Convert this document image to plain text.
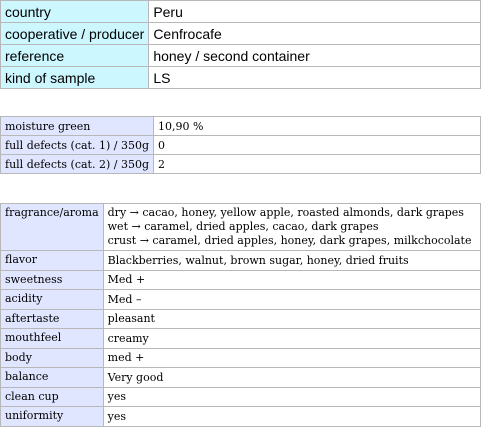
country	Peru
cooperative / producer	Cenfrocafe
reference	honey / second container
kind of sample	LS
moisture green	10,90 %
full defects (cat. 1) / 350g	0
full defects (cat. 2) / 350g	2
fragrance/aroma	dry → cacao, honey, yellow apple, roasted almonds, dark grapes
wet → caramel, dried apples, cacao, dark grapes
crust → caramel, dried apples, honey, dark grapes, milkchocolate

flavor	Blackberries, walnut, brown sugar, honey, dried fruits
sweetness	Med +
acidity	Med –
aftertaste	pleasant
mouthfeel	creamy
body	med +
balance	Very good
clean cup	yes
uniformity	yes
